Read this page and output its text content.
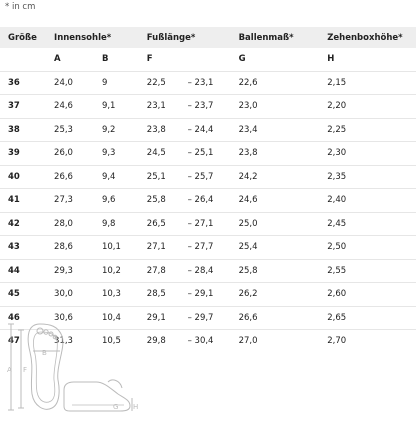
* in cm
Größe	Innensohle*		Fußlänge*		Ballenmaß*	Zehenboxhöhe*
	A	B	F		G	H
36	24,0	9	22,5	– 23,1	22,6	2,15
37	24,6	9,1	23,1	– 23,7	23,0	2,20
38	25,3	9,2	23,8	– 24,4	23,4	2,25
39	26,0	9,3	24,5	– 25,1	23,8	2,30
40	26,6	9,4	25,1	– 25,7	24,2	2,35
41	27,3	9,6	25,8	– 26,4	24,6	2,40
42	28,0	9,8	26,5	– 27,1	25,0	2,45
43	28,6	10,1	27,1	– 27,7	25,4	2,50
44	29,3	10,2	27,8	– 28,4	25,8	2,55
45	30,0	10,3	28,5	– 29,1	26,2	2,60
46	30,6	10,4	29,1	– 29,7	26,6	2,65
47	31,3	10,5	29,8	– 30,4	27,0	2,70
A F
B
G H
